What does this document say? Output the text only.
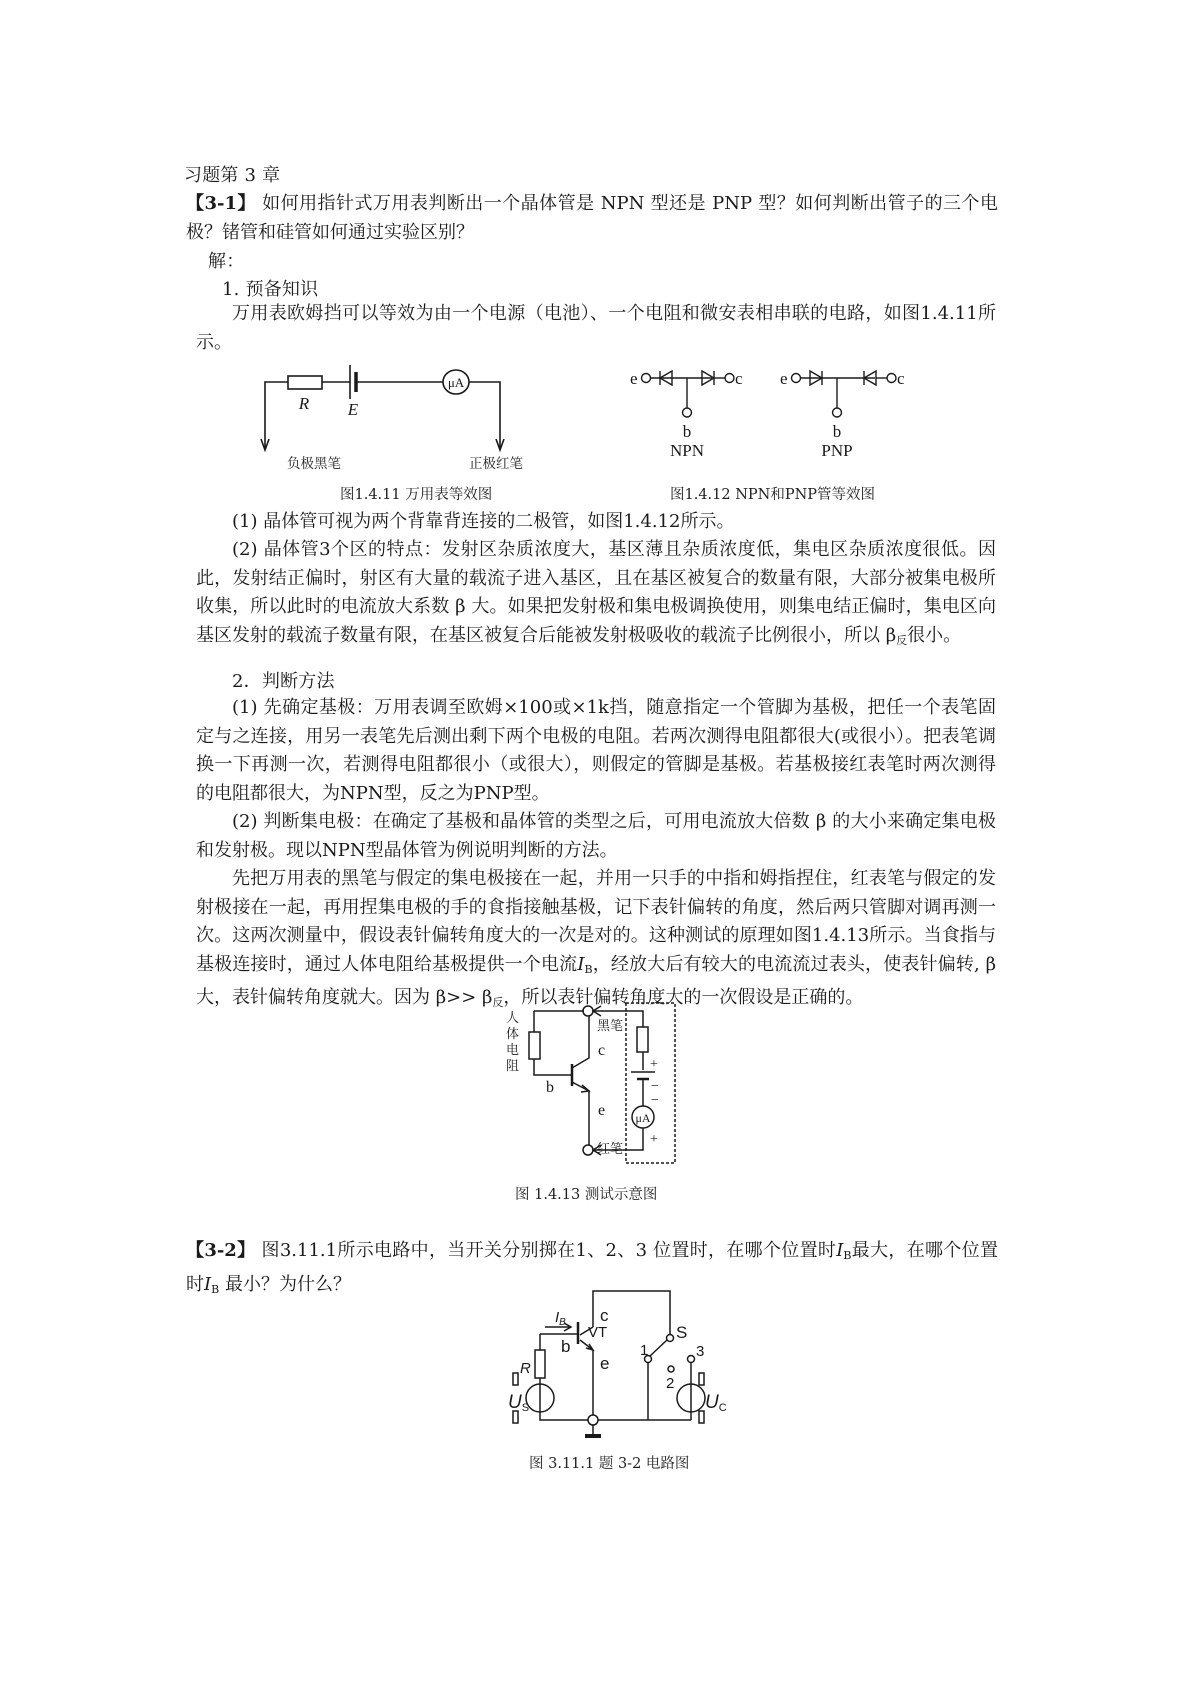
习题第 3 章
【3-1】 如何用指针式万用表判断出一个晶体管是 NPN 型还是 PNP 型？如何判断出管子的三个电极？锗管和硅管如何通过实验区别？
解：
1. 预备知识
万用表欧姆挡可以等效为由一个电源（电池）、一个电阻和微安表相串联的电路，如图1.4.11所示。
μA
R E
负极黑笔	正极红笔
图1.4.11 万用表等效图
e	c
b
NPN
e	c
b
PNP
图1.4.12 NPN和PNP管等效图
(1) 晶体管可视为两个背靠背连接的二极管，如图1.4.12所示。
(2) 晶体管3个区的特点：发射区杂质浓度大，基区薄且杂质浓度低，集电区杂质浓度很低。因此，发射结正偏时，射区有大量的载流子进入基区，且在基区被复合的数量有限，大部分被集电极所收集，所以此时的电流放大系数 β 大。如果把发射极和集电极调换使用，则集电结正偏时，集电区向基区发射的载流子数量有限，在基区被复合后能被发射极吸收的载流子比例很小，所以 $\beta_反$很小。
2．判断方法
(1) 先确定基极：万用表调至欧姆×100或×1k挡，随意指定一个管脚为基极，把任一个表笔固定与之连接，用另一表笔先后测出剩下两个电极的电阻。若两次测得电阻都很大(或很小）。把表笔调换一下再测一次，若测得电阻都很小（或很大），则假定的管脚是基极。若基极接红表笔时两次测得的电阻都很大，为NPN型，反之为PNP型。
(2) 判断集电极：在确定了基极和晶体管的类型之后，可用电流放大倍数 β 的大小来确定集电极和发射极。现以NPN型晶体管为例说明判断的方法。
先把万用表的黑笔与假定的集电极接在一起，并用一只手的中指和姆指捏住，红表笔与假定的发射极接在一起，再用捏集电极的手的食指接触基极，记下表针偏转的角度，然后两只管脚对调再测一次。这两次测量中，假设表针偏转角度大的一次是对的。这种测试的原理如图1.4.13所示。当食指与基极连接时，通过人体电阻给基极提供一个电流$I_B$，经放大后有较大的电流流过表头，使表针偏转, β 大，表针偏转角度就大。因为 $\beta>> \beta_反$，所以表针偏转角度大的一次假设是正确的。
人
体
电
阻
黑笔
红笔
c
b
e
+
−
−
μA
+
图 1.4.13 测试示意图
【3-2】 图3.11.1所示电路中，当开关分别掷在1、2、3 位置时，在哪个位置时$I_B$最大，在哪个位置时$I_B$ 最小？为什么？
$I_B$ c
VT
b
e
S
R
1
2
3
US	UC
图 3.11.1 题 3-2 电路图
